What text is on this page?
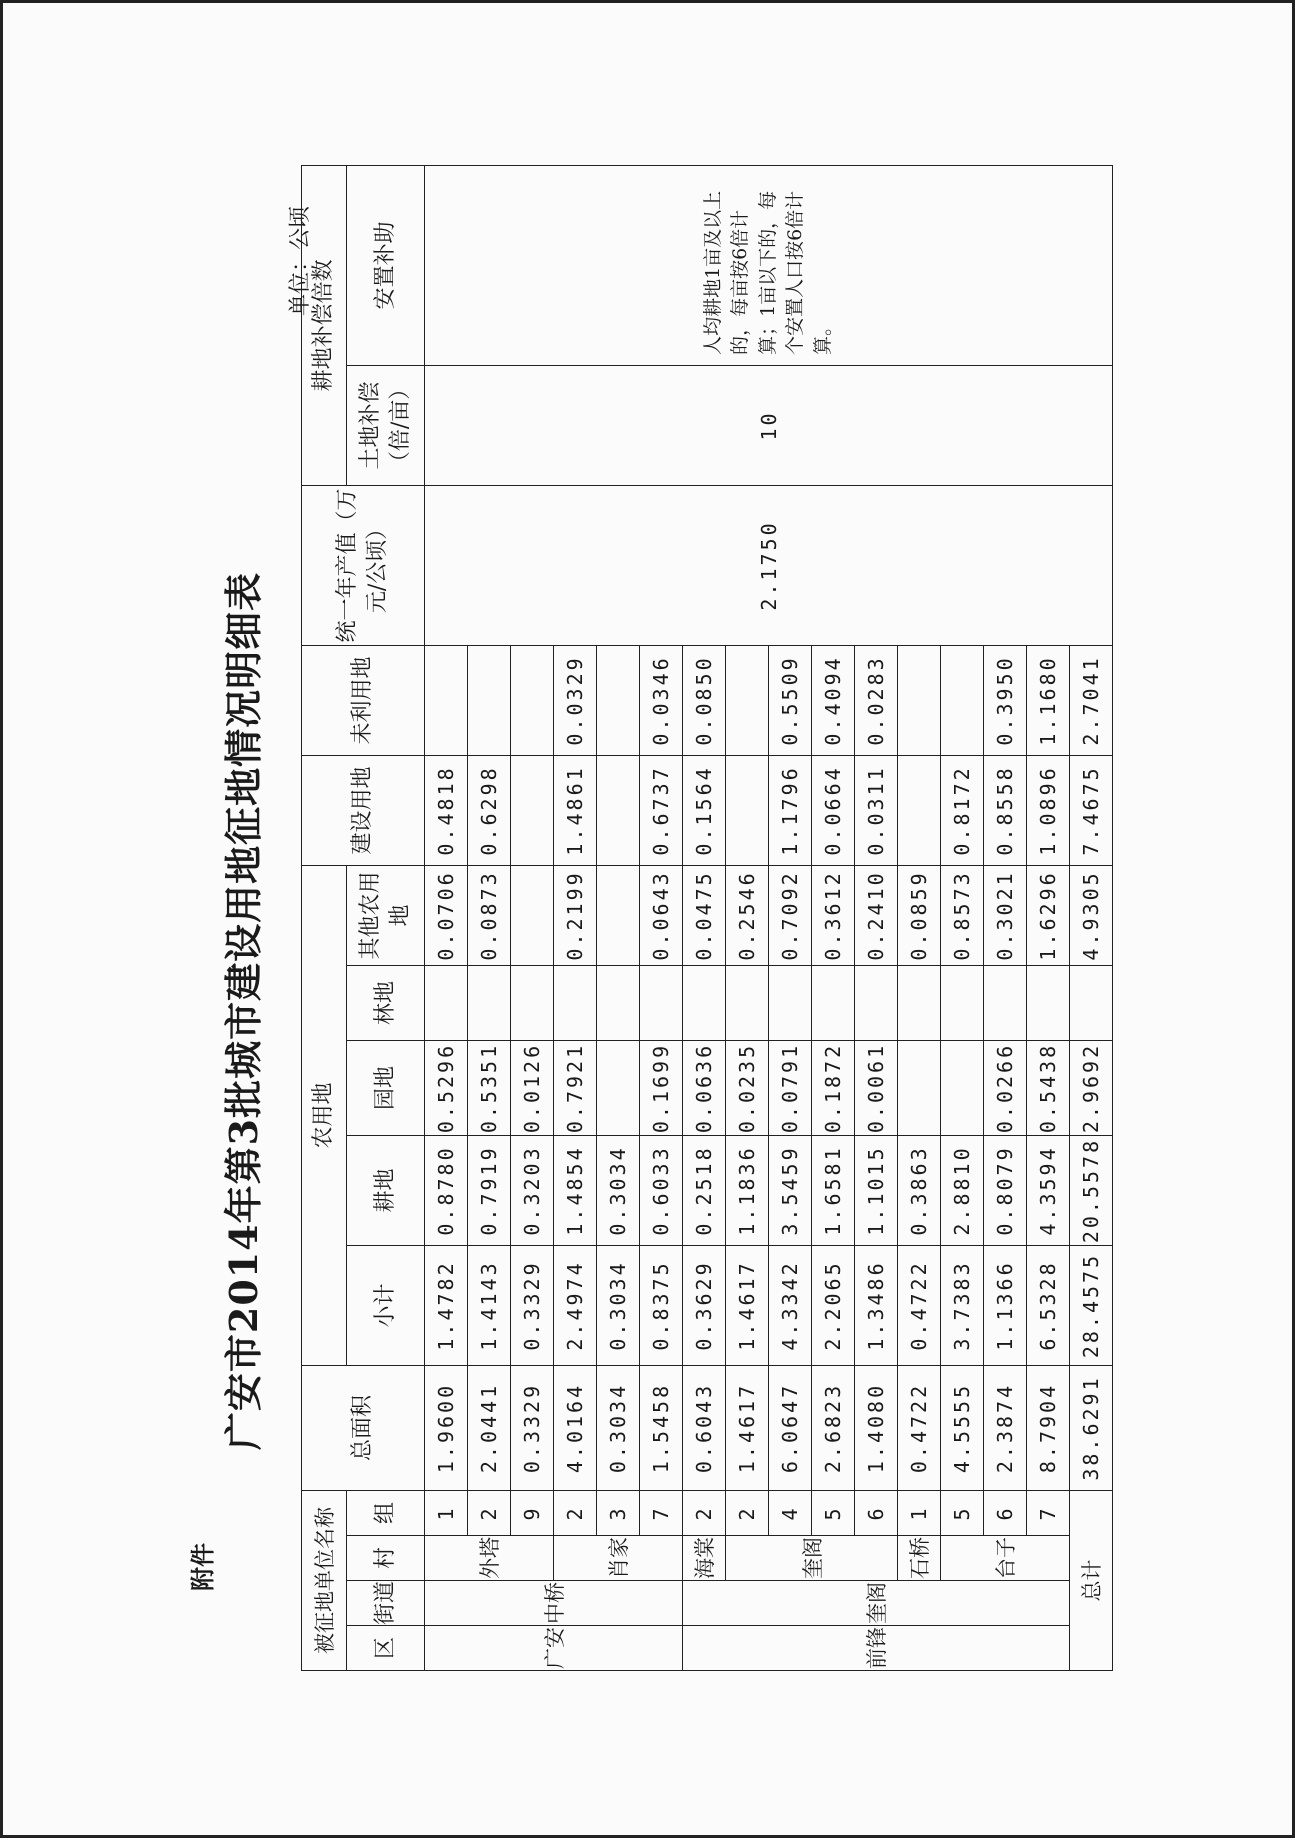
附件
广安市2014年第3批城市建设用地征地情况明细表
单位：公顷
被征地单位名称				总面积	农用地					建设用地	未利用地	统一年产值（万元/公顷）	耕地补偿倍数	
区	街道	村	组		小计	耕地	园地	林地	其他农用地				土地补偿（倍/亩）	安置补助
广安	中桥	外塔	1	1.9600	1.4782	0.8780	0.5296		0.0706	0.4818		2.1750	10	人均耕地1亩及以上的，每亩按6倍计算；1亩以下的，每个安置人口按6倍计算。
			2	2.0441	1.4143	0.7919	0.5351		0.0873	0.6298				
			9	0.3329	0.3329	0.3203	0.0126							
		肖家	2	4.0164	2.4974	1.4854	0.7921		0.2199	1.4861	0.0329			
			3	0.3034	0.3034	0.3034								
			7	1.5458	0.8375	0.6033	0.1699		0.0643	0.6737	0.0346			
前锋	奎阁	海棠	2	0.6043	0.3629	0.2518	0.0636		0.0475	0.1564	0.0850			
		奎阁	2	1.4617	1.4617	1.1836	0.0235		0.2546					
			4	6.0647	4.3342	3.5459	0.0791		0.7092	1.1796	0.5509			
			5	2.6823	2.2065	1.6581	0.1872		0.3612	0.0664	0.4094			
			6	1.4080	1.3486	1.1015	0.0061		0.2410	0.0311	0.0283			
		石桥	1	0.4722	0.4722	0.3863			0.0859					
		台子	5	4.5555	3.7383	2.8810			0.8573	0.8172				
			6	2.3874	1.1366	0.8079	0.0266		0.3021	0.8558	0.3950			
			7	8.7904	6.5328	4.3594	0.5438		1.6296	1.0896	1.1680			
总计				38.6291	28.4575	20.5578	2.9692		4.9305	7.4675	2.7041			
